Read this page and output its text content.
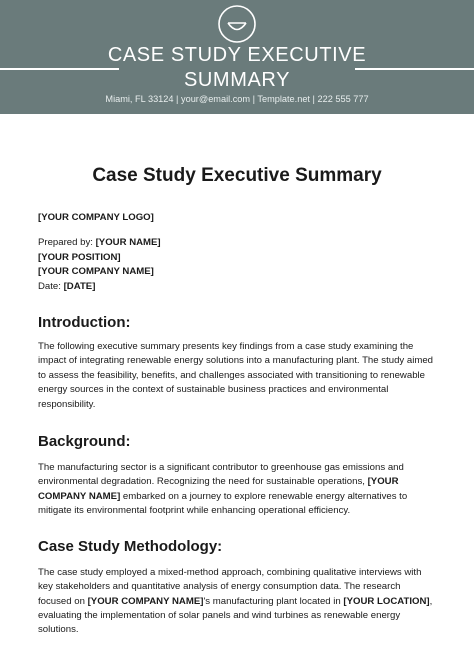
CASE STUDY EXECUTIVE
SUMMARY
Miami, FL 33124 | your@email.com | Template.net | 222 555 777
Case Study Executive Summary

[YOUR COMPANY LOGO]

Prepared by: [YOUR NAME]

[YOUR POSITION]

[YOUR COMPANY NAME]

Date: [DATE]

Introduction:

The following executive summary presents key findings from a case study examining the impact of integrating renewable energy solutions into a manufacturing plant. The study aimed to assess the feasibility, benefits, and challenges associated with transitioning to renewable energy sources in the context of sustainable business practices and environmental responsibility.

Background:

The manufacturing sector is a significant contributor to greenhouse gas emissions and environmental degradation. Recognizing the need for sustainable operations, [YOUR COMPANY NAME] embarked on a journey to explore renewable energy alternatives to mitigate its environmental footprint while enhancing operational efficiency.

Case Study Methodology:

The case study employed a mixed-method approach, combining qualitative interviews with key stakeholders and quantitative analysis of energy consumption data. The research focused on [YOUR COMPANY NAME]'s manufacturing plant located in [YOUR LOCATION], evaluating the implementation of solar panels and wind turbines as renewable energy solutions.
